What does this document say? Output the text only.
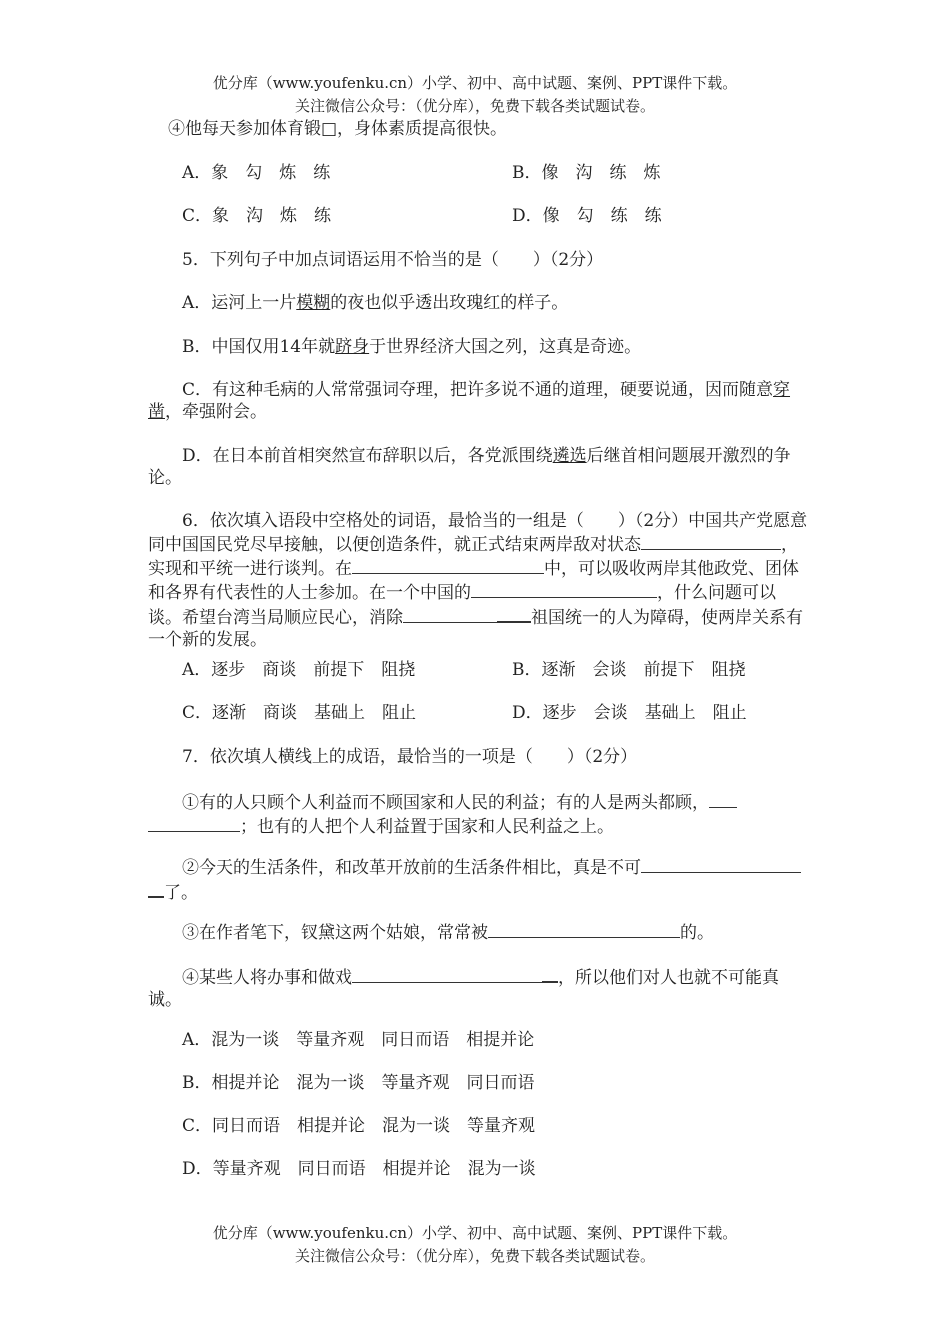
优分库（www.youfenku.cn）小学、初中、高中试题、案例、PPT课件下载。
关注微信公众号：（优分库），免费下载各类试题试卷。
④他每天参加体育锻□，身体素质提高很快。
A．象　勾　炼　练	B．像　沟　练　炼
C．象　沟　炼　练	D．像　勾　练　练
5．下列句子中加点词语运用不恰当的是（　　）（2分）
A．运河上一片模糊的夜也似乎透出玫瑰红的样子。
B．中国仅用14年就跻身于世界经济大国之列，这真是奇迹。
C．有这种毛病的人常常强词夺理，把许多说不通的道理，硬要说通，因而随意穿凿，牵强附会。
D．在日本前首相突然宣布辞职以后，各党派围绕遴选后继首相问题展开激烈的争论。
6．依次填入语段中空格处的词语，最恰当的一组是（　　）（2分）中国共产党愿意同中国国民党尽早接触，以便创造条件，就正式结束两岸敌对状态	，实现和平统一进行谈判。在	中，可以吸收两岸其他政党、团体和各界有代表性的人士参加。在一个中国的	，什么问题可以谈。希望台湾当局顺应民心，消除	祖国统一的人为障碍，使两岸关系有一个新的发展。
A．逐步　商谈　前提下　阻挠	B．逐渐　会谈　前提下　阻挠
C．逐渐　商谈　基础上　阻止	D．逐步　会谈　基础上　阻止
7．依次填人横线上的成语，最恰当的一项是（　　）（2分）
①有的人只顾个人利益而不顾国家和人民的利益；有的人是两头都顾，；也有的人把个人利益置于国家和人民利益之上。
②今天的生活条件，和改革开放前的生活条件相比，真是不可了。
③在作者笔下，钗黛这两个姑娘，常常被	的。
④某些人将办事和做戏	，所以他们对人也就不可能真诚。
A．混为一谈　等量齐观　同日而语　相提并论
B．相提并论　混为一谈　等量齐观　同日而语
C．同日而语　相提并论　混为一谈　等量齐观
D．等量齐观　同日而语　相提并论　混为一谈
优分库（www.youfenku.cn）小学、初中、高中试题、案例、PPT课件下载。
关注微信公众号：（优分库），免费下载各类试题试卷。
